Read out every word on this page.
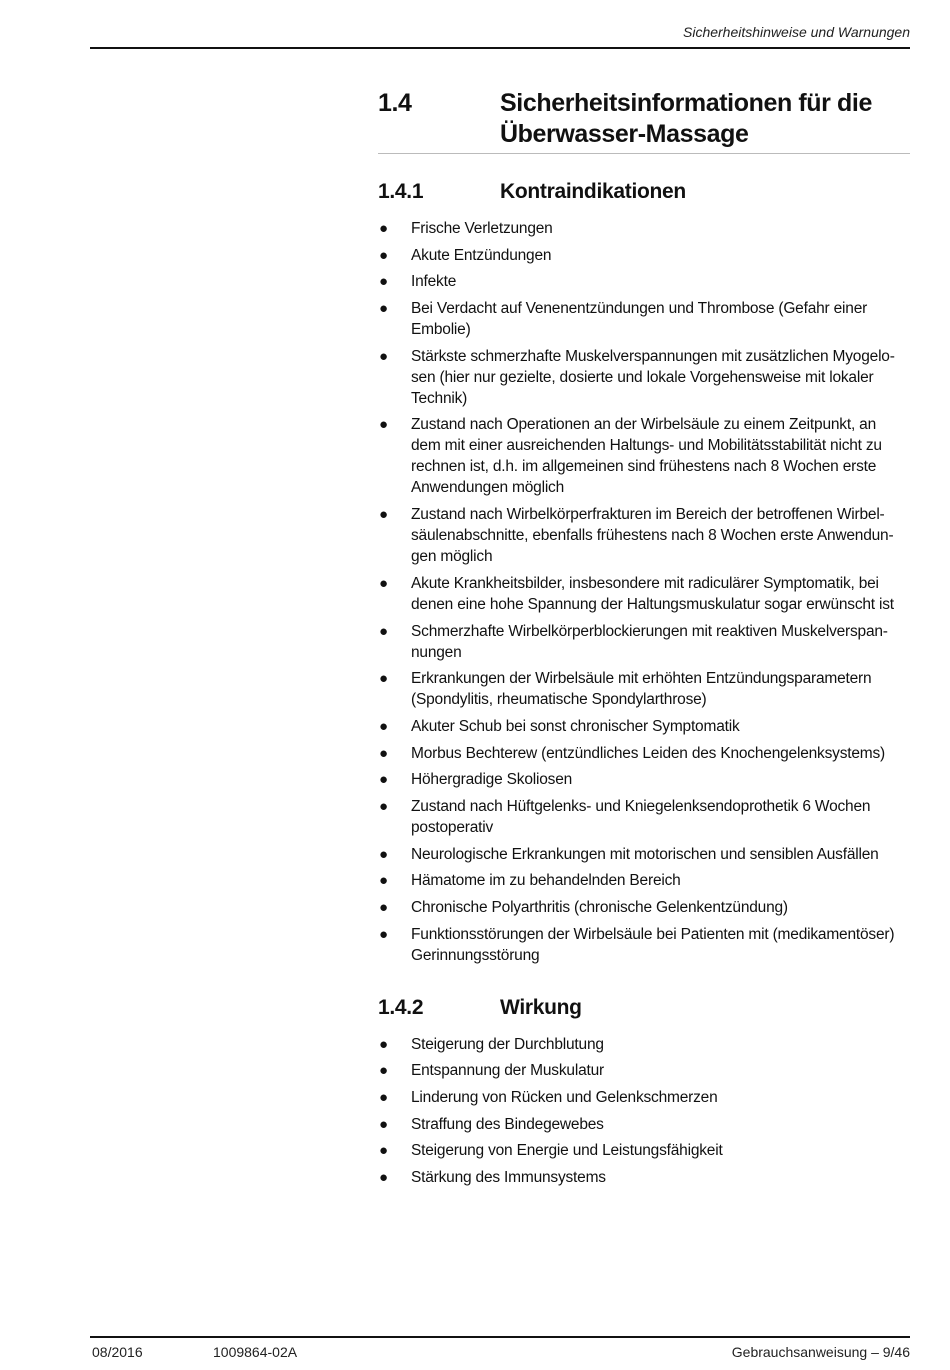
Sicherheitshinweise und Warnungen
1.4	Sicherheitsinformationen für die
Überwasser-Massage
1.4.1	Kontraindikationen
●	Frische Verletzungen
●	Akute Entzündungen
●	Infekte
●	Bei Verdacht auf Venenentzündungen und Thrombose (Gefahr einer
Embolie)
●	Stärkste schmerzhafte Muskelverspannungen mit zusätzlichen Myogelo-
sen (hier nur gezielte, dosierte und lokale Vorgehensweise mit lokaler
Technik)
●	Zustand nach Operationen an der Wirbelsäule zu einem Zeitpunkt, an
dem mit einer ausreichenden Haltungs- und Mobilitätsstabilität nicht zu
rechnen ist, d.h. im allgemeinen sind frühestens nach 8 Wochen erste
Anwendungen möglich
●	Zustand nach Wirbelkörperfrakturen im Bereich der betroffenen Wirbel-
säulenabschnitte, ebenfalls frühestens nach 8 Wochen erste Anwendun-
gen möglich
●	Akute Krankheitsbilder, insbesondere mit radiculärer Symptomatik, bei
denen eine hohe Spannung der Haltungsmuskulatur sogar erwünscht ist
●	Schmerzhafte Wirbelkörperblockierungen mit reaktiven Muskelverspan-
nungen
●	Erkrankungen der Wirbelsäule mit erhöhten Entzündungsparametern
(Spondylitis, rheumatische Spondylarthrose)
●	Akuter Schub bei sonst chronischer Symptomatik
●	Morbus Bechterew (entzündliches Leiden des Knochengelenksystems)
●	Höhergradige Skoliosen
●	Zustand nach Hüftgelenks- und Kniegelenksendoprothetik 6 Wochen
postoperativ
●	Neurologische Erkrankungen mit motorischen und sensiblen Ausfällen
●	Hämatome im zu behandelnden Bereich
●	Chronische Polyarthritis (chronische Gelenkentzündung)
●	Funktionsstörungen der Wirbelsäule bei Patienten mit (medikamentöser)
Gerinnungsstörung
1.4.2	Wirkung
●	Steigerung der Durchblutung
●	Entspannung der Muskulatur
●	Linderung von Rücken und Gelenkschmerzen
●	Straffung des Bindegewebes
●	Steigerung von Energie und Leistungsfähigkeit
●	Stärkung des Immunsystems
08/2016	1009864-02A	Gebrauchsanweisung – 9/46
